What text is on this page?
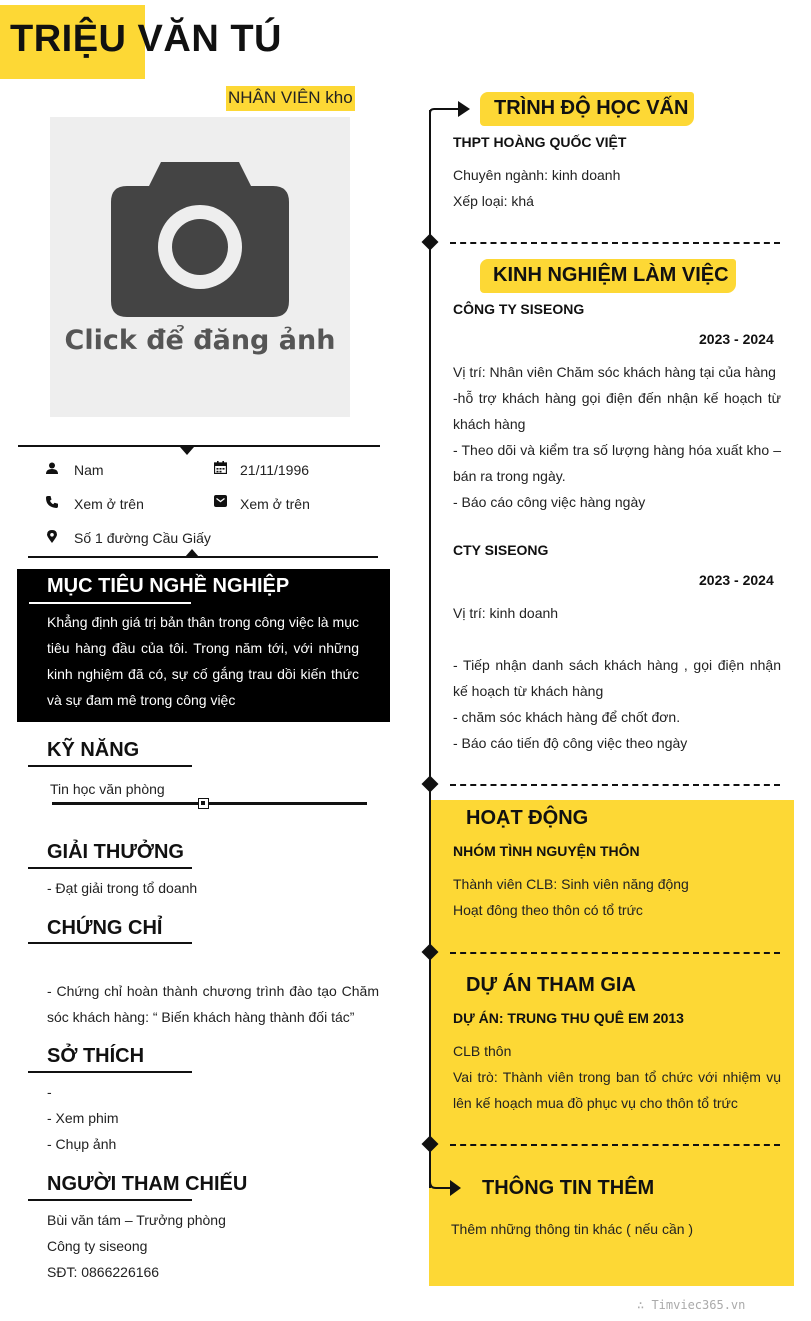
TRIỆU VĂN TÚ
NHÂN VIÊN kho
Click để đăng ảnh
Nam	21/11/1996
Xem ở trên	Xem ở trên
Số 1 đường Cầu Giấy
MỤC TIÊU NGHỀ NGHIỆP
Khẳng định giá trị bản thân trong công việc là mục tiêu hàng đầu của tôi. Trong năm tới, với những kinh nghiệm đã có, sự cố gắng trau dồi kiến thức và sự đam mê trong công việc
KỸ NĂNG
Tin học văn phòng
GIẢI THƯỞNG
- Đạt giải trong tổ doanh
CHỨNG CHỈ
- Chứng chỉ hoàn thành chương trình đào tạo Chăm sóc khách hàng: “ Biến khách hàng thành đối tác”
SỞ THÍCH
-
- Xem phim
- Chụp ảnh
NGƯỜI THAM CHIẾU
Bùi văn tám – Trưởng phòng
Công ty siseong
SĐT: 0866226166
TRÌNH ĐỘ HỌC VẤN
THPT HOÀNG QUỐC VIỆT
Chuyên ngành: kinh doanh
Xếp loại: khá
KINH NGHIỆM LÀM VIỆC
CÔNG TY SISEONG
2023 - 2024
Vị trí: Nhân viên Chăm sóc khách hàng tại của hàng
-hỗ trợ khách hàng gọi điện đến nhận kế hoạch từ khách hàng
- Theo dõi và kiểm tra số lượng hàng hóa xuất kho – bán ra trong ngày.
- Báo cáo công việc hàng ngày
CTY SISEONG
2023 - 2024
Vị trí: kinh doanh
- Tiếp nhận danh sách khách hàng , gọi điện nhận kế hoạch từ khách hàng
- chăm sóc khách hàng để chốt đơn.
- Báo cáo tiến độ công việc theo ngày
HOẠT ĐỘNG
NHÓM TÌNH NGUYỆN THÔN
Thành viên CLB: Sinh viên năng động
Hoạt đông theo thôn có tổ trức
DỰ ÁN THAM GIA
DỰ ÁN: TRUNG THU QUÊ EM 2013
CLB thôn
Vai trò: Thành viên trong ban tổ chức với nhiệm vụ lên kế hoạch mua đồ phục vụ cho thôn tổ trức
THÔNG TIN THÊM
Thêm những thông tin khác ( nếu cần )
∴ Timviec365.vn
